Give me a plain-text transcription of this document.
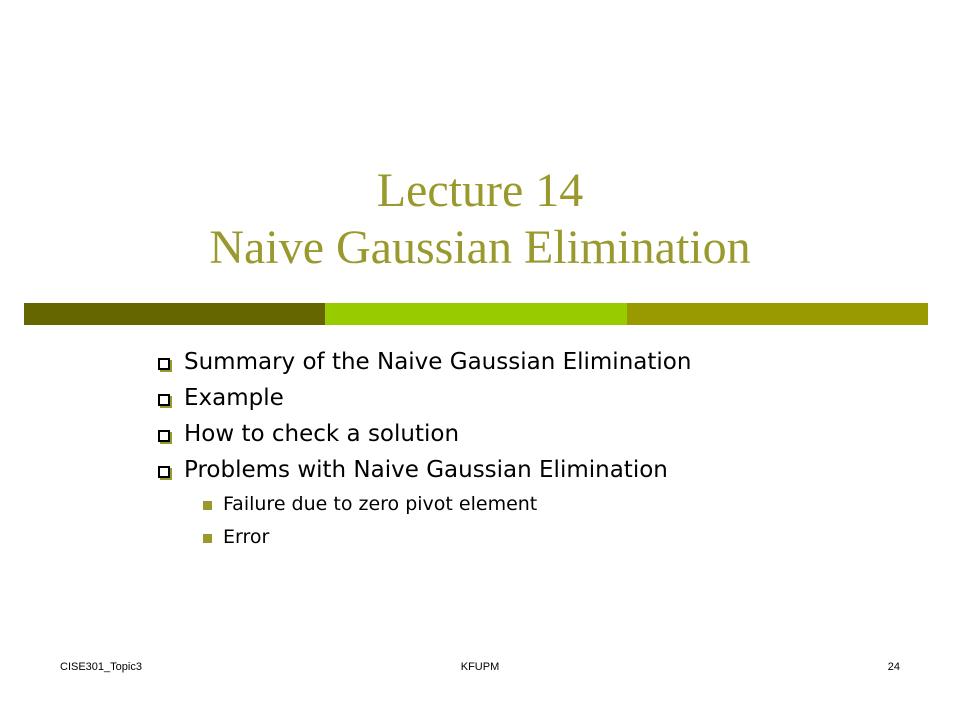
Lecture 14
Naive Gaussian Elimination
Summary of the Naive Gaussian Elimination
Example
How to check a solution
Problems with Naive Gaussian Elimination
Failure due to zero pivot element
Error
CISE301_Topic3	KFUPM	24
